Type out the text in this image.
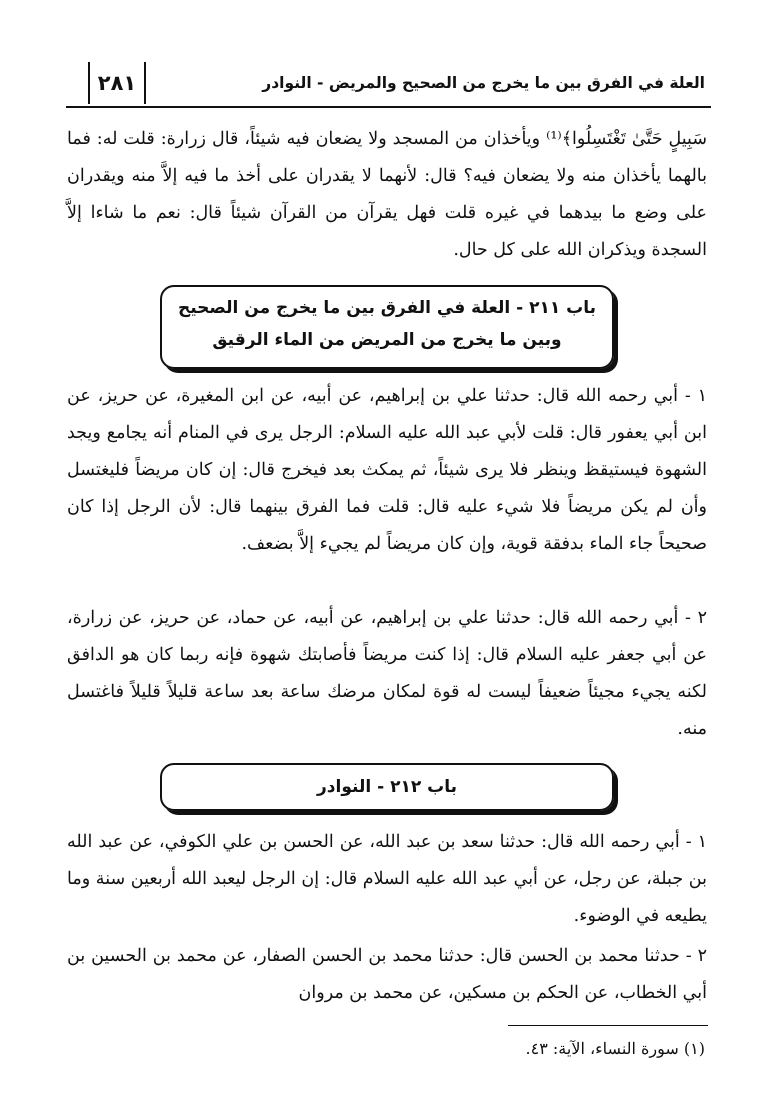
العلة في الفرق بين ما يخرج من الصحيح والمريض - النوادر
٢٨١

سَبِيلٍ حَتَّىٰ تَغْتَسِلُوا﴾⁽¹⁾ ويأخذان من المسجد ولا يضعان فيه شيئاً، قال زرارة: قلت له: فما بالهما يأخذان منه ولا يضعان فيه؟ قال: لأنهما لا يقدران على أخذ ما فيه إلاَّ منه ويقدران على وضع ما بيدهما في غيره قلت فهل يقرآن من القرآن شيئاً قال: نعم ما شاءا إلاَّ السجدة ويذكران الله على كل حال.

باب ٢١١ - العلة في الفرق بين ما يخرج من الصحيح
وبين ما يخرج من المريض من الماء الرقيق

١ - أبي رحمه الله قال: حدثنا علي بن إبراهيم، عن أبيه، عن ابن المغيرة، عن حريز، عن ابن أبي يعفور قال: قلت لأبي عبد الله عليه السلام: الرجل يرى في المنام أنه يجامع ويجد الشهوة فيستيقظ وينظر فلا يرى شيئاً، ثم يمكث بعد فيخرج قال: إن كان مريضاً فليغتسل وأن لم يكن مريضاً فلا شيء عليه قال: قلت فما الفرق بينهما قال: لأن الرجل إذا كان صحيحاً جاء الماء بدفقة قوية، وإن كان مريضاً لم يجيء إلاَّ بضعف.

٢ - أبي رحمه الله قال: حدثنا علي بن إبراهيم، عن أبيه، عن حماد، عن حريز، عن زرارة، عن أبي جعفر عليه السلام قال: إذا كنت مريضاً فأصابتك شهوة فإنه ربما كان هو الدافق لكنه يجيء مجيئاً ضعيفاً ليست له قوة لمكان مرضك ساعة بعد ساعة قليلاً قليلاً فاغتسل منه.

باب ٢١٢ - النوادر

١ - أبي رحمه الله قال: حدثنا سعد بن عبد الله، عن الحسن بن علي الكوفي، عن عبد الله بن جبلة، عن رجل، عن أبي عبد الله عليه السلام قال: إن الرجل ليعبد الله أربعين سنة وما يطيعه في الوضوء.

٢ - حدثنا محمد بن الحسن قال: حدثنا محمد بن الحسن الصفار، عن محمد بن الحسين بن أبي الخطاب، عن الحكم بن مسكين، عن محمد بن مروان

(١) سورة النساء، الآية: ٤٣.
